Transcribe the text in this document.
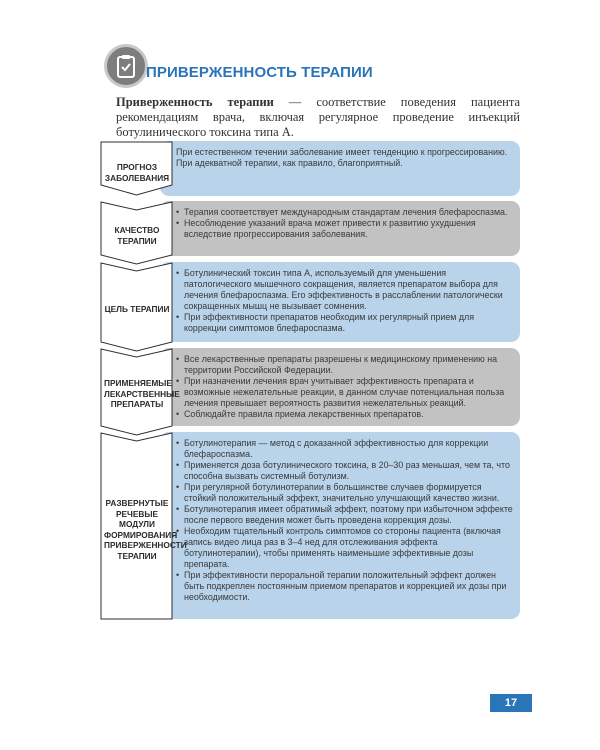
ПРИВЕРЖЕННОСТЬ ТЕРАПИИ
Приверженность терапии — соответствие поведения пациента рекомендациям врача, включая регулярное проведение инъекций ботулинического токсина типа А.
ПРОГНОЗ ЗАБОЛЕВАНИЯ
При естественном течении заболевание имеет тенденцию к прогрессированию. При адекватной терапии, как правило, благоприятный.
КАЧЕСТВО ТЕРАПИИ
• Терапия соответствует международным стандартам лечения блефароспазма.
• Несоблюдение указаний врача может привести к развитию ухудшения вследствие прогрессирования заболевания.
ЦЕЛЬ ТЕРАПИИ
• Ботулинический токсин типа А, используемый для уменьшения патологического мышечного сокращения, является препаратом выбора для лечения блефароспазма. Его эффективность в расслаблении патологически сокращенных мышц не вызывает сомнения.
• При эффективности препаратов необходим их регулярный прием для коррекции симптомов блефароспазма.
ПРИМЕНЯЕМЫЕ ЛЕКАРСТВЕННЫЕ ПРЕПАРАТЫ
• Все лекарственные препараты разрешены к медицинскому применению на территории Российской Федерации.
• При назначении лечения врач учитывает эффективность препарата и возможные нежелательные реакции, в данном случае потенциальная польза лечения превышает вероятность развития нежелательных реакций.
• Соблюдайте правила приема лекарственных препаратов.
РАЗВЕРНУТЫЕ РЕЧЕВЫЕ МОДУЛИ ФОРМИРОВАНИЯ ПРИВЕРЖЕННОСТИ ТЕРАПИИ
• Ботулинотерапия — метод с доказанной эффективностью для коррекции блефароспазма.
• Применяется доза ботулинического токсина, в 20–30 раз меньшая, чем та, что способна вызвать системный ботулизм.
• При регулярной ботулинотерапии в большинстве случаев формируется стойкий положительный эффект, значительно улучшающий качество жизни.
• Ботулинотерапия имеет обратимый эффект, поэтому при избыточном эффекте после первого введения может быть проведена коррекция дозы.
• Необходим тщательный контроль симптомов со стороны пациента (включая запись видео лица раз в 3–4 нед для отслеживания эффекта ботулинотерапии), чтобы применять наименьшие эффективные дозы препарата.
• При эффективности пероральной терапии положительный эффект должен быть подкреплен постоянным приемом препаратов и коррекцией их дозы при необходимости.
17
